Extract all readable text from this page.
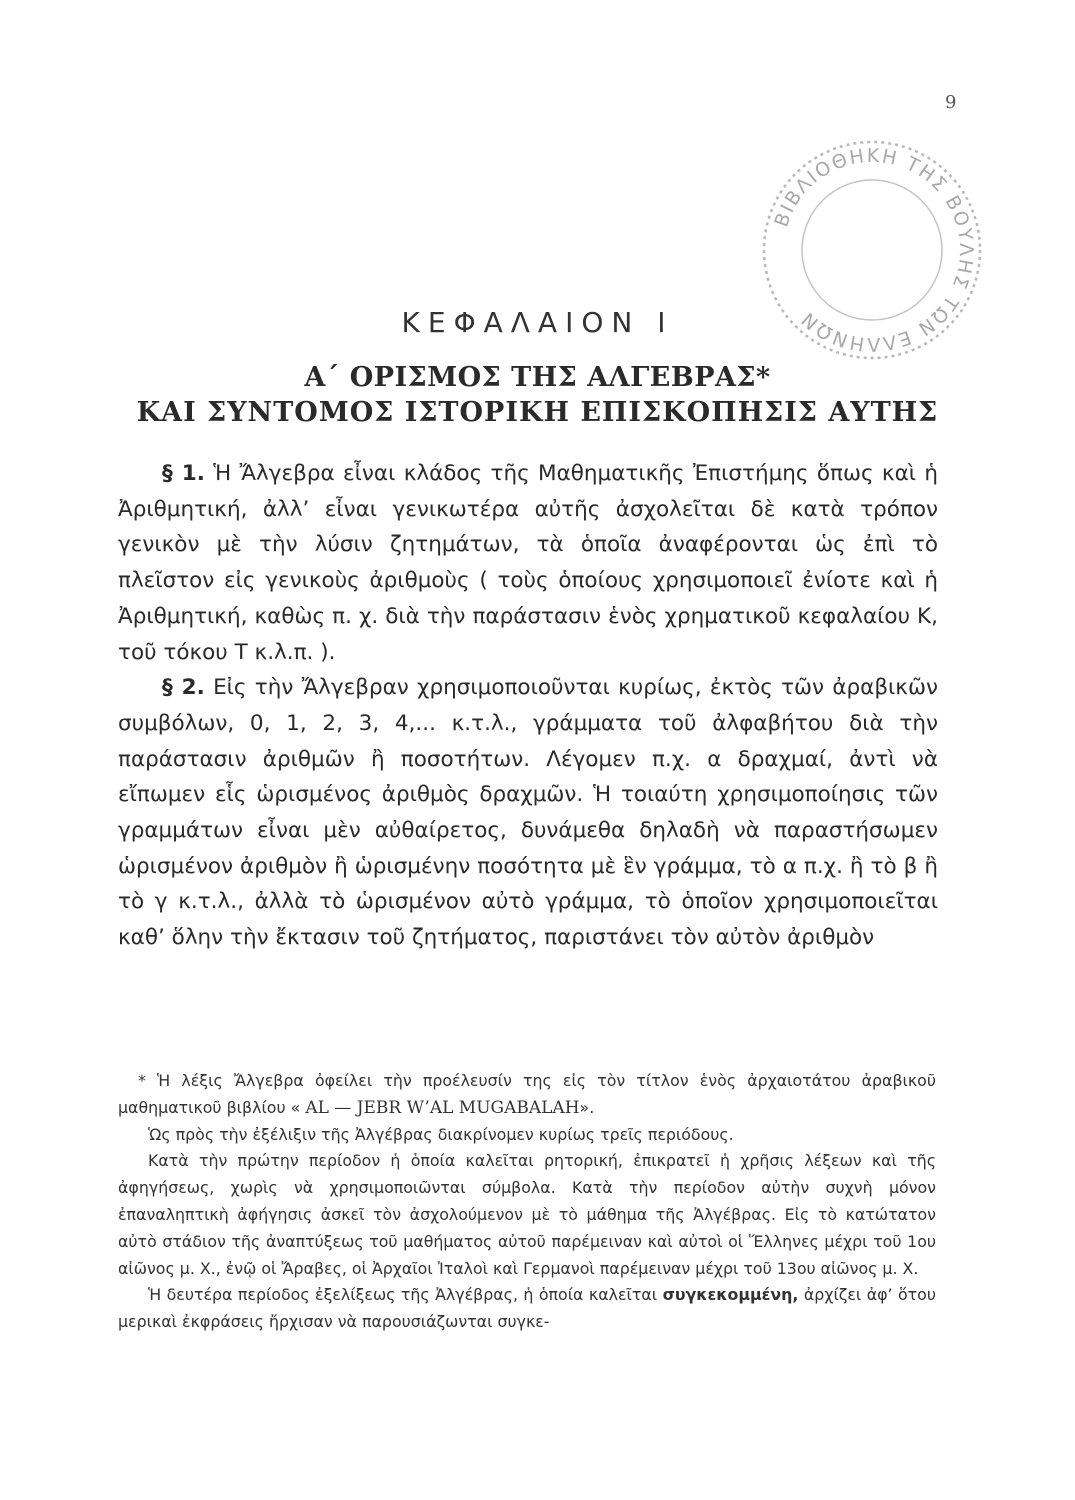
9
ΒΙΒΛΙΟΘΗΚΗ ΤΗΣ ΒΟΥΛΗΣ ΤΩΝ ΕΛΛΗΝΩΝ
ΚΕΦΑΛΑΙΟΝ Ι
Α΄ ΟΡΙΣΜΟΣ ΤΗΣ ΑΛΓΕΒΡΑΣ*
ΚΑΙ ΣΥΝΤΟΜΟΣ ΙΣΤΟΡΙΚΗ ΕΠΙΣΚΟΠΗΣΙΣ ΑΥΤΗΣ

§ 1. Ἡ Ἄλγεβρα εἶναι κλάδος τῆς Μαθηματικῆς Ἐπιστήμης ὅπως καὶ ἡ Ἀριθμητική, ἀλλ’ εἶναι γενικωτέρα αὐτῆς ἀσχολεῖται δὲ κατὰ τρόπον γενικὸν μὲ τὴν λύσιν ζητημάτων, τὰ ὁποῖα ἀναφέρονται ὡς ἐπὶ τὸ πλεῖστον εἰς γενικοὺς ἀριθμοὺς ( τοὺς ὁποίους χρησιμοποιεῖ ἐνίοτε καὶ ἡ Ἀριθμητική, καθὼς π. χ. διὰ τὴν παράστασιν ἑνὸς χρηματικοῦ κεφαλαίου Κ, τοῦ τόκου Τ κ.λ.π. ).

§ 2. Εἰς τὴν Ἄλγεβραν χρησιμοποιοῦνται κυρίως, ἐκτὸς τῶν ἀραβικῶν συμβόλων, 0, 1, 2, 3, 4,... κ.τ.λ., γράμματα τοῦ ἀλφαβήτου διὰ τὴν παράστασιν ἀριθμῶν ἢ ποσοτήτων. Λέγομεν π.χ. α δραχμαί, ἀντὶ νὰ εἴπωμεν εἷς ὡρισμένος ἀριθμὸς δραχμῶν. Ἡ τοιαύτη χρησιμοποίησις τῶν γραμμάτων εἶναι μὲν αὐθαίρετος, δυνάμεθα δηλαδὴ νὰ παραστήσωμεν ὡρισμένον ἀριθμὸν ἢ ὡρισμένην ποσότητα μὲ ἓν γράμμα, τὸ α π.χ. ἢ τὸ β ἢ τὸ γ κ.τ.λ., ἀλλὰ τὸ ὡρισμένον αὐτὸ γράμμα, τὸ ὁποῖον χρησιμοποιεῖται καθ’ ὅλην τὴν ἔκτασιν τοῦ ζητήματος, παριστάνει τὸν αὐτὸν ἀριθμὸν

* Ἡ λέξις Ἄλγεβρα ὀφείλει τὴν προέλευσίν της εἰς τὸν τίτλον ἑνὸς ἀρχαιοτάτου ἀραβικοῦ μαθηματικοῦ βιβλίου « AL — JEBR W’AL MUGABALAH».

Ὡς πρὸς τὴν ἐξέλιξιν τῆς Ἀλγέβρας διακρίνομεν κυρίως τρεῖς περιόδους.

Κατὰ τὴν πρώτην περίοδον ἡ ὁποία καλεῖται ρητορική, ἐπικρατεῖ ἡ χρῆσις λέξεων καὶ τῆς ἀφηγήσεως, χωρὶς νὰ χρησιμοποιῶνται σύμβολα. Κατὰ τὴν περίοδον αὐτὴν συχνὴ μόνον ἐπαναληπτικὴ ἀφήγησις ἀσκεῖ τὸν ἀσχολούμενον μὲ τὸ μάθημα τῆς Ἀλγέβρας. Εἰς τὸ κατώτατον αὐτὸ στάδιον τῆς ἀναπτύξεως τοῦ μαθήματος αὐτοῦ παρέμειναν καὶ αὐτοὶ οἱ Ἕλληνες μέχρι τοῦ 1ου αἰῶνος μ. Χ., ἐνῷ οἱ Ἄραβες, οἱ Ἀρχαῖοι Ἰταλοὶ καὶ Γερμανοὶ παρέμειναν μέχρι τοῦ 13ου αἰῶνος μ. Χ.

Ἡ δευτέρα περίοδος ἐξελίξεως τῆς Ἀλγέβρας, ἡ ὁποία καλεῖται συγκεκομμένη, ἀρχίζει ἀφ’ ὅτου μερικαὶ ἐκφράσεις ἤρχισαν νὰ παρουσιάζωνται συγκε-
